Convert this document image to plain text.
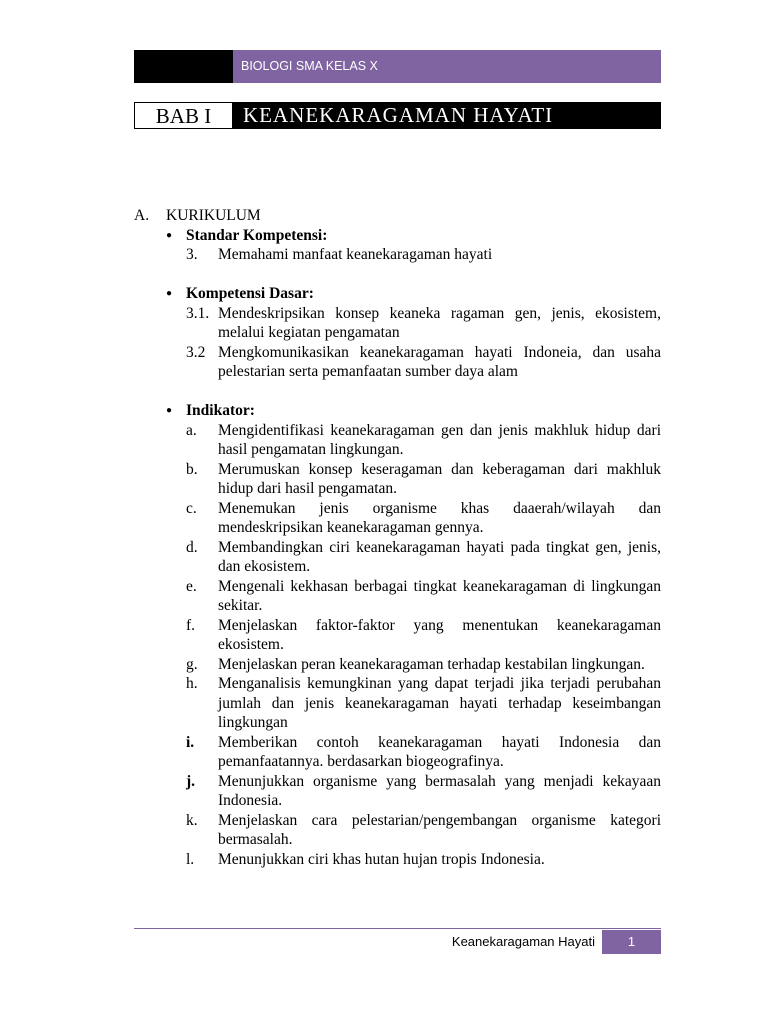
BIOLOGI SMA KELAS X
BAB I	KEANEKARAGAMAN HAYATI
A.	KURIKULUM
● Standar Kompetensi:
3.	Memahami manfaat keanekaragaman hayati
● Kompetensi Dasar:
3.1. Mendeskripsikan konsep keaneka ragaman gen, jenis, ekosistem, melalui kegiatan pengamatan
3.2 Mengkomunikasikan keanekaragaman hayati Indoneia, dan usaha pelestarian serta pemanfaatan sumber daya alam
● Indikator:
a.	Mengidentifikasi keanekaragaman gen dan jenis makhluk hidup dari hasil pengamatan lingkungan.
b.	Merumuskan konsep keseragaman dan keberagaman dari makhluk hidup dari hasil pengamatan.
c.	Menemukan jenis organisme khas daaerah/wilayah dan mendeskripsikan keanekaragaman gennya.
d.	Membandingkan ciri keanekaragaman hayati pada tingkat gen, jenis, dan ekosistem.
e.	Mengenali kekhasan berbagai tingkat keanekaragaman di lingkungan sekitar.
f.	Menjelaskan faktor-faktor yang menentukan keanekaragaman ekosistem.
g.	Menjelaskan peran keanekaragaman terhadap kestabilan lingkungan.
h.	Menganalisis kemungkinan yang dapat terjadi jika terjadi perubahan jumlah dan jenis keanekaragaman hayati terhadap keseimbangan lingkungan
i.	Memberikan contoh keanekaragaman hayati Indonesia dan pemanfaatannya. berdasarkan biogeografinya.
j.	Menunjukkan organisme yang bermasalah yang menjadi kekayaan Indonesia.
k.	Menjelaskan cara pelestarian/pengembangan organisme kategori bermasalah.
l.	Menunjukkan ciri khas hutan hujan tropis Indonesia.
Keanekaragaman Hayati	1
